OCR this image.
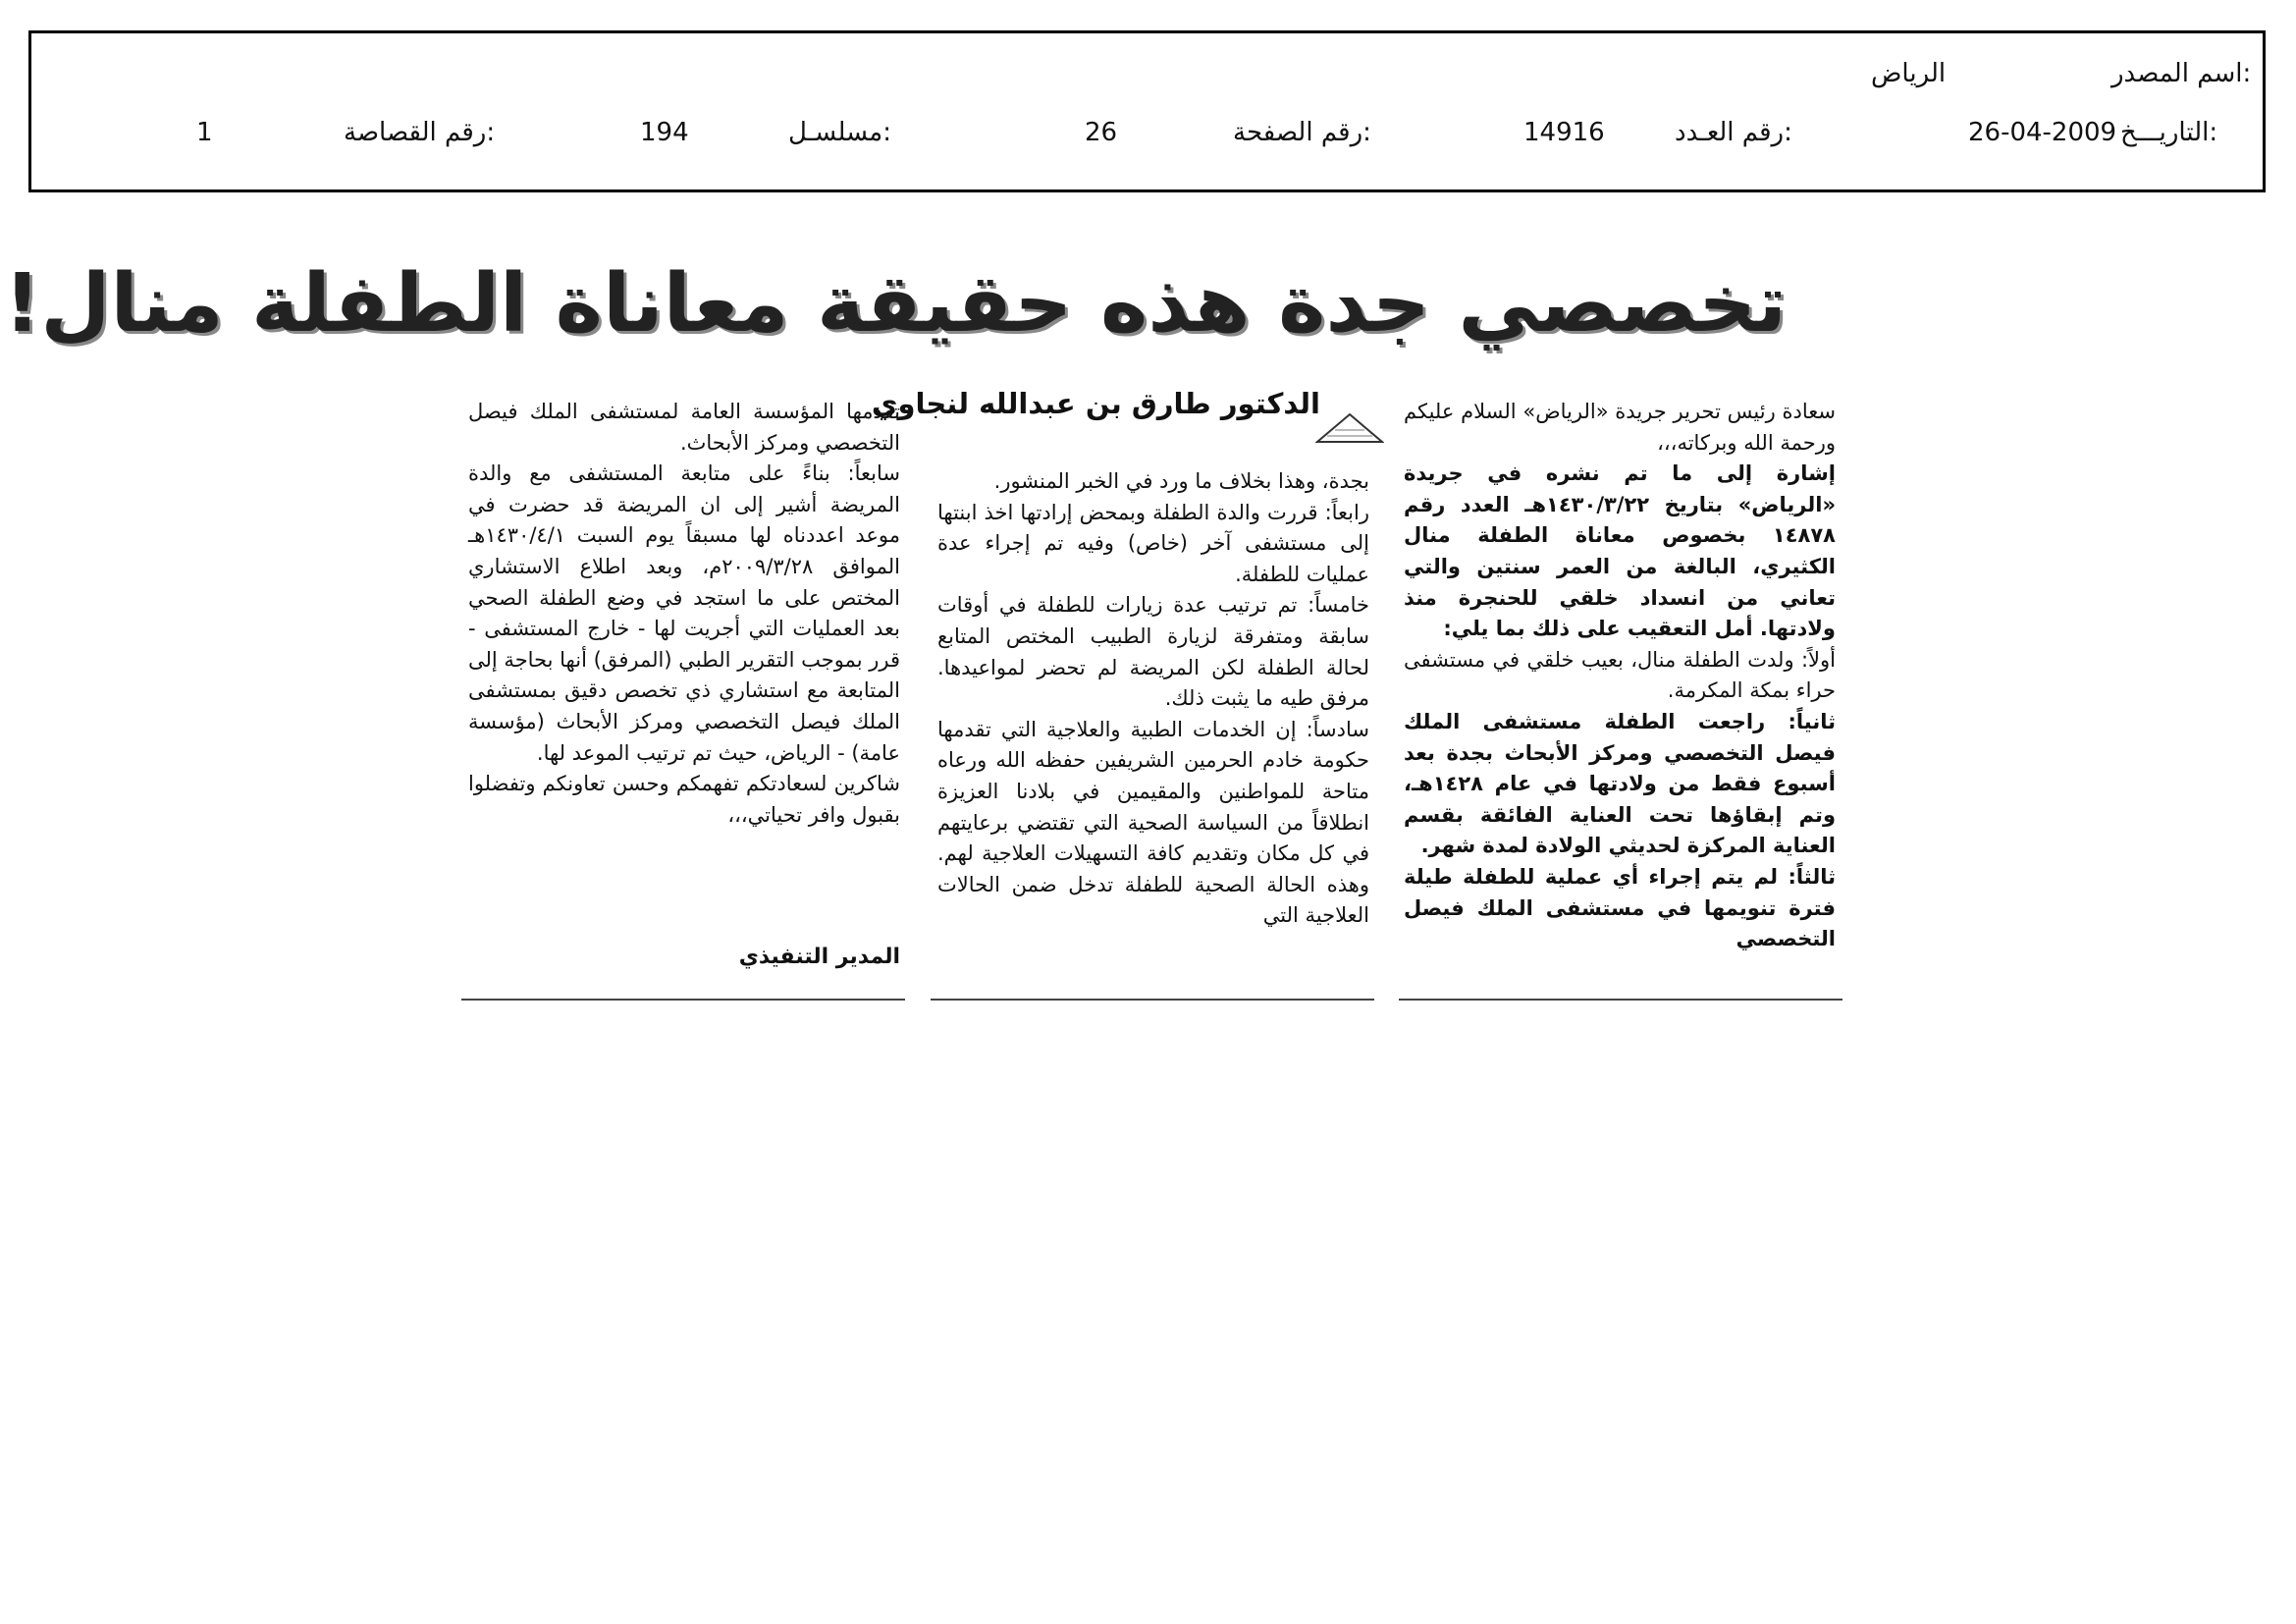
اسم المصدر:
الرياض
التاريـــخ:
26-04-2009
رقم العـدد:
14916
رقم الصفحة:
26
مسلسـل:
194
رقم القصاصة:
1
تخصصي جدة هذه حقيقة معاناة الطفلة منال!
الدكتور طارق بن عبدالله لنجاوي	سعادة رئيس تحرير جريدة «الرياض» السلام عليكم ورحمة الله وبركاته،،،

إشارة إلى ما تم نشره في جريدة «الرياض» بتاريخ ١٤٣٠/٣/٢٢هـ العدد رقم ١٤٨٧٨ بخصوص معاناة الطفلة منال الكثيري، البالغة من العمر سنتين والتي تعاني من انسداد خلقي للحنجرة منذ ولادتها. أمل التعقيب على ذلك بما يلي:

أولاً: ولدت الطفلة منال، بعيب خلقي في مستشفى حراء بمكة المكرمة.

ثانياً: راجعت الطفلة مستشفى الملك فيصل التخصصي ومركز الأبحاث بجدة بعد أسبوع فقط من ولادتها في عام ١٤٢٨هـ، وتم إبقاؤها تحت العناية الفائقة بقسم العناية المركزة لحديثي الولادة لمدة شهر.

ثالثاً: لم يتم إجراء أي عملية للطفلة طيلة فترة تنويمها في مستشفى الملك فيصل التخصصي

بجدة، وهذا بخلاف ما ورد في الخبر المنشور.

رابعاً: قررت والدة الطفلة وبمحض إرادتها اخذ ابنتها إلى مستشفى آخر (خاص) وفيه تم إجراء عدة عمليات للطفلة.

خامساً: تم ترتيب عدة زيارات للطفلة في أوقات سابقة ومتفرقة لزيارة الطبيب المختص المتابع لحالة الطفلة لكن المريضة لم تحضر لمواعيدها. مرفق طيه ما يثبت ذلك.

سادساً: إن الخدمات الطبية والعلاجية التي تقدمها حكومة خادم الحرمين الشريفين حفظه الله ورعاه متاحة للمواطنين والمقيمين في بلادنا العزيزة انطلاقاً من السياسة الصحية التي تقتضي برعايتهم في كل مكان وتقديم كافة التسهيلات العلاجية لهم. وهذه الحالة الصحية للطفلة تدخل ضمن الحالات العلاجية التي

تقدمها المؤسسة العامة لمستشفى الملك فيصل التخصصي ومركز الأبحاث.

سابعاً: بناءً على متابعة المستشفى مع والدة المريضة أشير إلى ان المريضة قد حضرت في موعد اعددناه لها مسبقاً يوم السبت ١٤٣٠/٤/١هـ الموافق ٢٠٠٩/٣/٢٨م، وبعد اطلاع الاستشاري المختص على ما استجد في وضع الطفلة الصحي بعد العمليات التي أجريت لها - خارج المستشفى - قرر بموجب التقرير الطبي (المرفق) أنها بحاجة إلى المتابعة مع استشاري ذي تخصص دقيق بمستشفى الملك فيصل التخصصي ومركز الأبحاث (مؤسسة عامة) - الرياض، حيث تم ترتيب الموعد لها.

شاكرين لسعادتكم تفهمكم وحسن تعاونكم وتفضلوا بقبول وافر تحياتي،،،

المدير التنفيذي
